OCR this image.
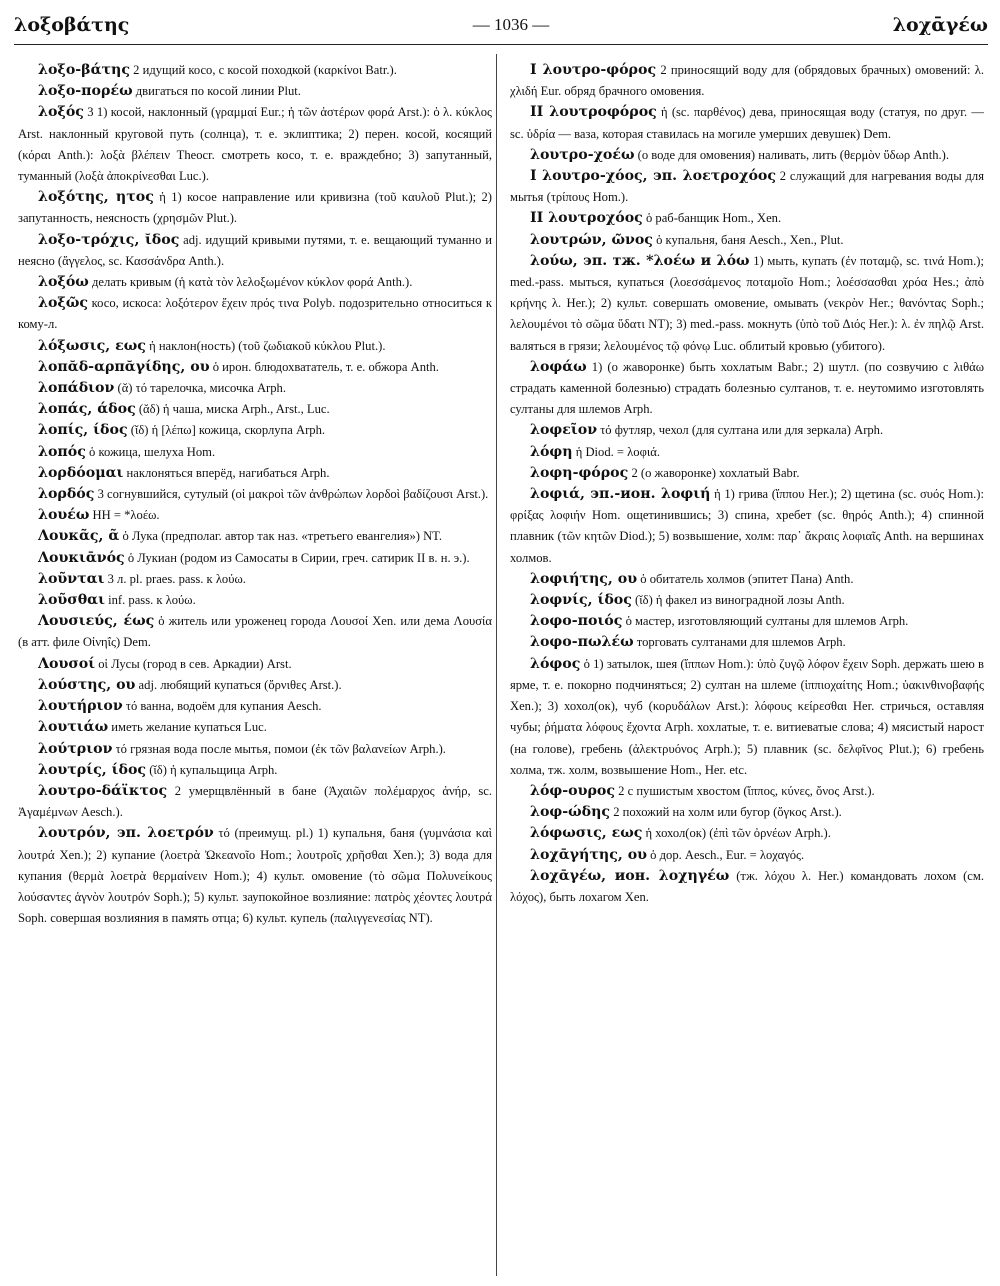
λοξοβάτης	— 1036 —	λοχᾱγέω

λοξο-βάτης 2 идущий косо, с косой походкой (καρκίνοι Batr.).

λοξο-πορέω двигаться по косой линии Plut.

λοξός 3 1) косой, наклонный (γραμμαί Eur.; ἡ τῶν ἀστέρων φορά Arst.): ὁ λ. κύκλος Arst. наклонный круговой путь (солнца), т. е. эклиптика; 2) перен. косой, косящий (κόραι Anth.): λοξὰ βλέπειν Theocr. смотреть косо, т. е. враждебно; 3) запутанный, туманный (λοξὰ ἀποκρίνεσθαι Luc.).

λοξότης, ητος ἡ 1) косое направление или кривизна (τοῦ καυλοῦ Plut.); 2) запутанность, неясность (χρησμῶν Plut.).

λοξο-τρόχις, ῐδος adj. идущий кривыми путями, т. е. вещающий туманно и неясно (ἄγγελος, sc. Κασσάνδρα Anth.).

λοξόω делать кривым (ἡ κατὰ τὸν λελοξωμένον κύκλον φορά Anth.).

λοξῶς косо, искоса: λοξότερον ἔχειν πρός τινα Polyb. подозрительно относиться к кому-л.

λόξωσις, εως ἡ наклон(ность) (τοῦ ζωδιακοῦ κύκλου Plut.).

λοπᾰδ-αρπᾰγίδης, ου ὁ ирон. блюдохвататель, т. е. обжора Anth.

λοπάδιον (ᾰ) τό тарелочка, мисочка Arph.

λοπάς, άδος (ᾰδ) ἡ чаша, миска Arph., Arst., Luc.

λοπίς, ίδος (ῐδ) ἡ [λέπω] кожица, скорлупа Arph.

λοπός ὁ кожица, шелуха Hom.

λορδόομαι наклоняться вперёд, нагибаться Arph.

λορδός 3 согнувшийся, сутулый (οἱ μακροὶ τῶν ἀνθρώπων λορδοὶ βαδίζουσι Arst.).

λουέω HH = *λοέω.

Λουκᾶς, ᾶ ὁ Лука (предполаг. автор так наз. «третьего евангелия») NT.

Λουκιᾱνός ὁ Лукиан (родом из Самосаты в Сирии, греч. сатирик II в. н. э.).

λοῦνται 3 л. pl. praes. pass. к λούω.

λοῦσθαι inf. pass. к λούω.

Λουσιεύς, έως ὁ житель или уроженец города Λουσοί Xen. или дема Λουσία (в атт. филе Οἰνηΐς) Dem.

Λουσοί οἱ Лусы (город в сев. Аркадии) Arst.

λούστης, ου adj. любящий купаться (ὄρνιθες Arst.).

λουτήριον τό ванна, водоём для купания Aesch.

λουτιάω иметь желание купаться Luc.

λούτριον τό грязная вода после мытья, помои (ἐκ τῶν βαλανείων Arph.).

λουτρίς, ίδος (ῐδ) ἡ купальщица Arph.

λουτρο-δάϊκτος 2 умерщвлённый в бане (Ἀχαιῶν πολέμαρχος ἀνήρ, sc. Ἀγαμέμνων Aesch.).

λουτρόν, эп. λοετρόν τό (преимущ. pl.) 1) купальня, баня (γυμνάσια καὶ λουτρά Xen.); 2) купание (λοετρὰ Ὠκεανοῖο Hom.; λουτροῖς χρῆσθαι Xen.); 3) вода для купания (θερμὰ λοετρὰ θερμαίνειν Hom.); 4) культ. омовение (τὸ σῶμα Πολυνείκους λούσαντες ἁγνὸν λουτρόν Soph.); 5) культ. заупокойное возлияние: πατρὸς χέοντες λουτρά Soph. совершая возлияния в память отца; 6) культ. купель (παλιγγενεσίας NT).

I λουτρο-φόρος 2 приносящий воду для (обрядовых брачных) омовений: λ. χλιδή Eur. обряд брачного омовения.

II λουτροφόρος ἡ (sc. παρθένος) дева, приносящая воду (статуя, по друг. — sc. ὑδρία — ваза, которая ставилась на могиле умерших девушек) Dem.

λουτρο-χοέω (о воде для омовения) наливать, лить (θερμὸν ὕδωρ Anth.).

I λουτρο-χόος, эп. λοετροχόος 2 служащий для нагревания воды для мытья (τρίπους Hom.).

II λουτροχόος ὁ раб-банщик Hom., Xen.

λουτρών, ῶνος ὁ купальня, баня Aesch., Xen., Plut.

λούω, эп. тж. *λοέω и λόω 1) мыть, купать (ἐν ποταμῷ, sc. τινά Hom.); med.-pass. мыться, купаться (λοεσσάμενος ποταμοῖο Hom.; λοέσσασθαι χρόα Hes.; ἀπὸ κρήνης λ. Her.); 2) культ. совершать омовение, омывать (νεκρὸν Her.; θανόντας Soph.; λελουμένοι τὸ σῶμα ὕδατι NT); 3) med.-pass. мокнуть (ὑπὸ τοῦ Διός Her.): λ. ἐν πηλῷ Arst. валяться в грязи; λελουμένος τῷ φόνῳ Luc. облитый кровью (убитого).

λοφάω 1) (о жаворонке) быть хохлатым Babr.; 2) шутл. (по созвучию с λιθάω страдать каменной болезнью) страдать болезнью султанов, т. е. неутомимо изготовлять султаны для шлемов Arph.

λοφεῖον τό футляр, чехол (для султана или для зеркала) Arph.

λόφη ἡ Diod. = λοφιά.

λοφη-φόρος 2 (о жаворонке) хохлатый Babr.

λοφιά, эп.-ион. λοφιή ἡ 1) грива (ἵππου Her.); 2) щетина (sc. συός Hom.): φρίξας λοφιήν Hom. ощетинившись; 3) спина, хребет (sc. θηρός Anth.); 4) спинной плавник (τῶν κητῶν Diod.); 5) возвышение, холм: παρ᾽ ἄκραις λοφιαῖς Anth. на вершинах холмов.

λοφιήτης, ου ὁ обитатель холмов (эпитет Пана) Anth.

λοφνίς, ίδος (ῐδ) ἡ факел из виноградной лозы Anth.

λοφο-ποιός ὁ мастер, изготовляющий султаны для шлемов Arph.

λοφο-πωλέω торговать султанами для шлемов Arph.

λόφος ὁ 1) затылок, шея (ἵππων Hom.): ὑπὸ ζυγῷ λόφον ἔχειν Soph. держать шею в ярме, т. е. покорно подчиняться; 2) султан на шлеме (ἱππιοχαίτης Hom.; ὑακινθινοβαφής Xen.); 3) хохол(ок), чуб (κορυδάλων Arst.): λόφους κείρεσθαι Her. стричься, оставляя чубы; ῥήματα λόφους ἔχοντα Arph. хохлатые, т. е. витиеватые слова; 4) мясистый нарост (на голове), гребень (ἀλεκτρυόνος Arph.); 5) плавник (sc. δελφῖνος Plut.); 6) гребень холма, тж. холм, возвышение Hom., Her. etc.

λόφ-ουρος 2 с пушистым хвостом (ἵππος, κύνες, ὄνος Arst.).

λοφ-ώδης 2 похожий на холм или бугор (ὄγκος Arst.).

λόφωσις, εως ἡ хохол(ок) (ἐπὶ τῶν ὀρνέων Arph.).

λοχᾱγήτης, ου ὁ дор. Aesch., Eur. = λοχαγός.

λοχᾱγέω, ион. λοχηγέω (тж. λόχου λ. Her.) командовать лохом (см. λόχος), быть лохагом Xen.
